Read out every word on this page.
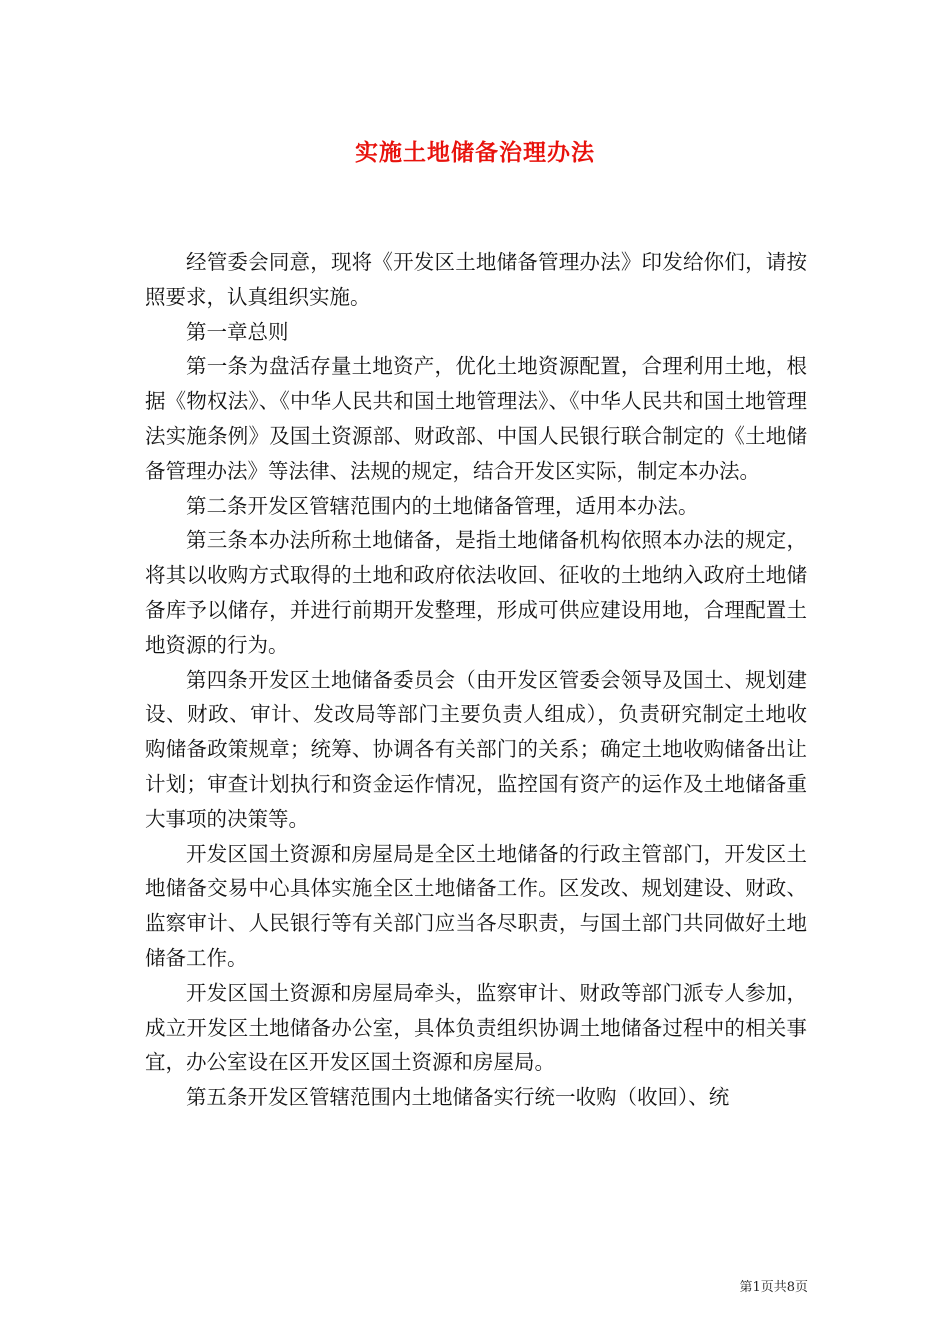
实施土地储备治理办法

经管委会同意，现将《开发区土地储备管理办法》印发给你们，请按照要求，认真组织实施。

第一章总则

第一条为盘活存量土地资产，优化土地资源配置，合理利用土地，根据《物权法》、《中华人民共和国土地管理法》、《中华人民共和国土地管理法实施条例》及国土资源部、财政部、中国人民银行联合制定的《土地储备管理办法》等法律、法规的规定，结合开发区实际，制定本办法。

第二条开发区管辖范围内的土地储备管理，适用本办法。

第三条本办法所称土地储备，是指土地储备机构依照本办法的规定，将其以收购方式取得的土地和政府依法收回、征收的土地纳入政府土地储备库予以储存，并进行前期开发整理，形成可供应建设用地，合理配置土地资源的行为。

第四条开发区土地储备委员会（由开发区管委会领导及国土、规划建设、财政、审计、发改局等部门主要负责人组成），负责研究制定土地收购储备政策规章；统筹、协调各有关部门的关系；确定土地收购储备出让计划；审查计划执行和资金运作情况，监控国有资产的运作及土地储备重大事项的决策等。

开发区国土资源和房屋局是全区土地储备的行政主管部门，开发区土地储备交易中心具体实施全区土地储备工作。区发改、规划建设、财政、监察审计、人民银行等有关部门应当各尽职责，与国土部门共同做好土地储备工作。

开发区国土资源和房屋局牵头，监察审计、财政等部门派专人参加，成立开发区土地储备办公室，具体负责组织协调土地储备过程中的相关事宜，办公室设在区开发区国土资源和房屋局。

第五条开发区管辖范围内土地储备实行统一收购（收回）、统

第1页共8页
